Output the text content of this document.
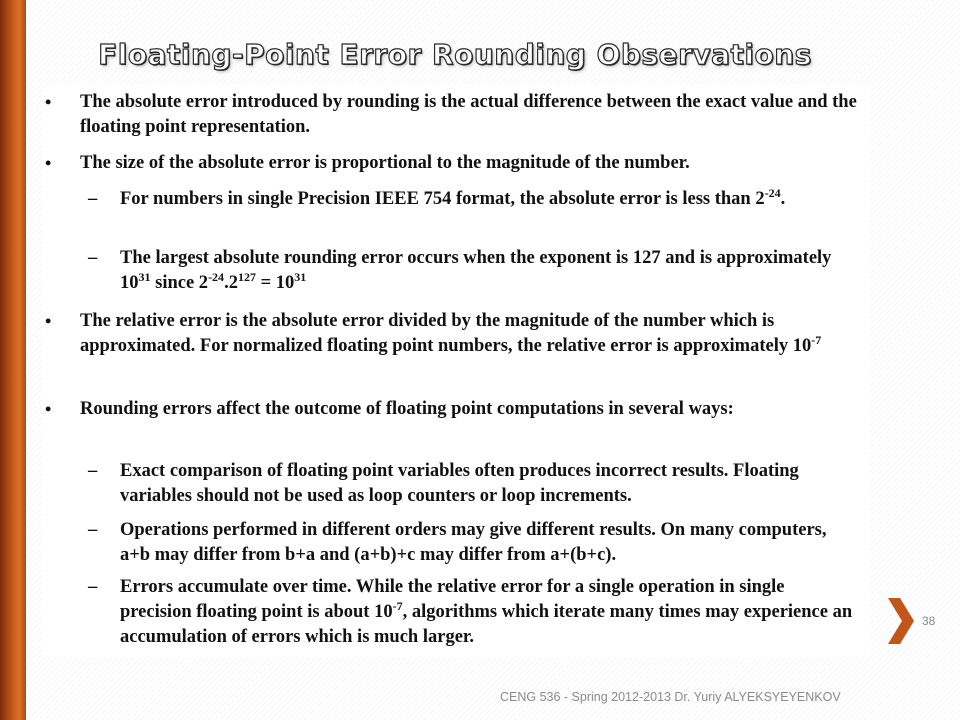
Floating-Point Error Rounding Observations
• The absolute error introduced by rounding is the actual difference between the exact value and the floating point representation.
• The size of the absolute error is proportional to the magnitude of the number.
– For numbers in single Precision IEEE 754 format, the absolute error is less than $2^{-24}$.
– The largest absolute rounding error occurs when the exponent is 127 and is approximately $10^{31}$ since $2^{-24}.2^{127} = 10^{31}$
• The relative error is the absolute error divided by the magnitude of the number which is approximated. For normalized floating point numbers, the relative error is approximately $10^{-7}$
• Rounding errors affect the outcome of floating point computations in several ways:
– Exact comparison of floating point variables often produces incorrect results. Floating variables should not be used as loop counters or loop increments.
– Operations performed in different orders may give different results. On many computers, a+b may differ from b+a and (a+b)+c may differ from a+(b+c).
– Errors accumulate over time. While the relative error for a single operation in single precision floating point is about $10^{-7}$, algorithms which iterate many times may experience an accumulation of errors which is much larger.
38
CENG 536 - Spring 2012-2013 Dr. Yuriy ALYEKSYEYENKOV
